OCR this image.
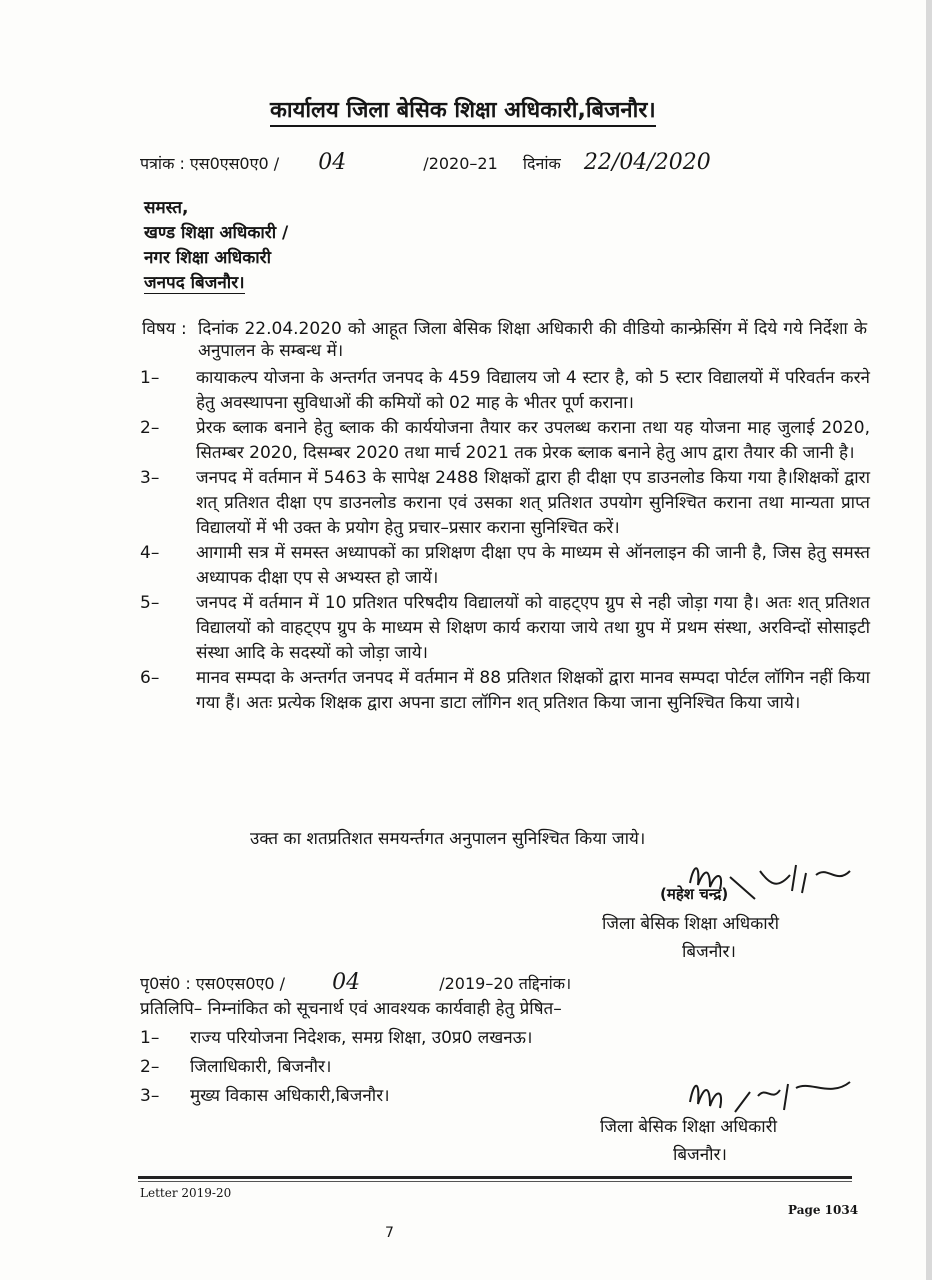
कार्यालय जिला बेसिक शिक्षा अधिकारी,बिजनौर।
पत्रांक : एस0एस0ए0 / 04	/2020–21 दिनांक 22/04/2020
समस्त,
खण्ड शिक्षा अधिकारी /
नगर शिक्षा अधिकारी
जनपद बिजनौर।
विषय : दिनांक 22.04.2020 को आहूत जिला बेसिक शिक्षा अधिकारी की वीडियो कान्फ्रेसिंग में दिये गये निर्देशा के अनुपालन के सम्बन्ध में।
1–	कायाकल्प योजना के अन्तर्गत जनपद के 459 विद्यालय जो 4 स्टार है, को 5 स्टार विद्यालयों में परिवर्तन करने हेतु अवस्थापना सुविधाओं की कमियों को 02 माह के भीतर पूर्ण कराना।
2–	प्रेरक ब्लाक बनाने हेतु ब्लाक की कार्ययोजना तैयार कर उपलब्ध कराना तथा यह योजना माह जुलाई 2020, सितम्बर 2020, दिसम्बर 2020 तथा मार्च 2021 तक प्रेरक ब्लाक बनाने हेतु आप द्वारा तैयार की जानी है।
3–	जनपद में वर्तमान में 5463 के सापेक्ष 2488 शिक्षकों द्वारा ही दीक्षा एप डाउनलोड किया गया है।शिक्षकों द्वारा शत् प्रतिशत दीक्षा एप डाउनलोड कराना एवं उसका शत् प्रतिशत उपयोग सुनिश्चित कराना तथा मान्यता प्राप्त विद्यालयों में भी उक्त के प्रयोग हेतु प्रचार–प्रसार कराना सुनिश्चित करें।
4–	आगामी सत्र में समस्त अध्यापकों का प्रशिक्षण दीक्षा एप के माध्यम से ऑनलाइन की जानी है, जिस हेतु समस्त अध्यापक दीक्षा एप से अभ्यस्त हो जायें।
5–	जनपद में वर्तमान में 10 प्रतिशत परिषदीय विद्यालयों को वाहट्एप ग्रुप से नही जोड़ा गया है। अतः शत् प्रतिशत विद्यालयों को वाहट्एप ग्रुप के माध्यम से शिक्षण कार्य कराया जाये तथा ग्रुप में प्रथम संस्था, अरविन्दों सोसाइटी संस्था आदि के सदस्यों को जोड़ा जाये।
6–	मानव सम्पदा के अन्तर्गत जनपद में वर्तमान में 88 प्रतिशत शिक्षकों द्वारा मानव सम्पदा पोर्टल लॉगिन नहीं किया गया हैं। अतः प्रत्येक शिक्षक द्वारा अपना डाटा लॉगिन शत् प्रतिशत किया जाना सुनिश्चित किया जाये।
उक्त का शतप्रतिशत समयर्न्तगत अनुपालन सुनिश्चित किया जाये।
(महेश चन्द्र)
जिला बेसिक शिक्षा अधिकारी
बिजनौर।
पृ0सं0 : एस0एस0ए0 / 04	/2019–20 तद्दिनांक।
प्रतिलिपि– निम्नांकित को सूचनार्थ एवं आवश्यक कार्यवाही हेतु प्रेषित–
1–	राज्य परियोजना निदेशक, समग्र शिक्षा, उ0प्र0 लखनऊ।
2–	जिलाधिकारी, बिजनौर।
3–	मुख्य विकास अधिकारी,बिजनौर।
जिला बेसिक शिक्षा अधिकारी
बिजनौर।
Letter 2019-20
Page 1034
7
